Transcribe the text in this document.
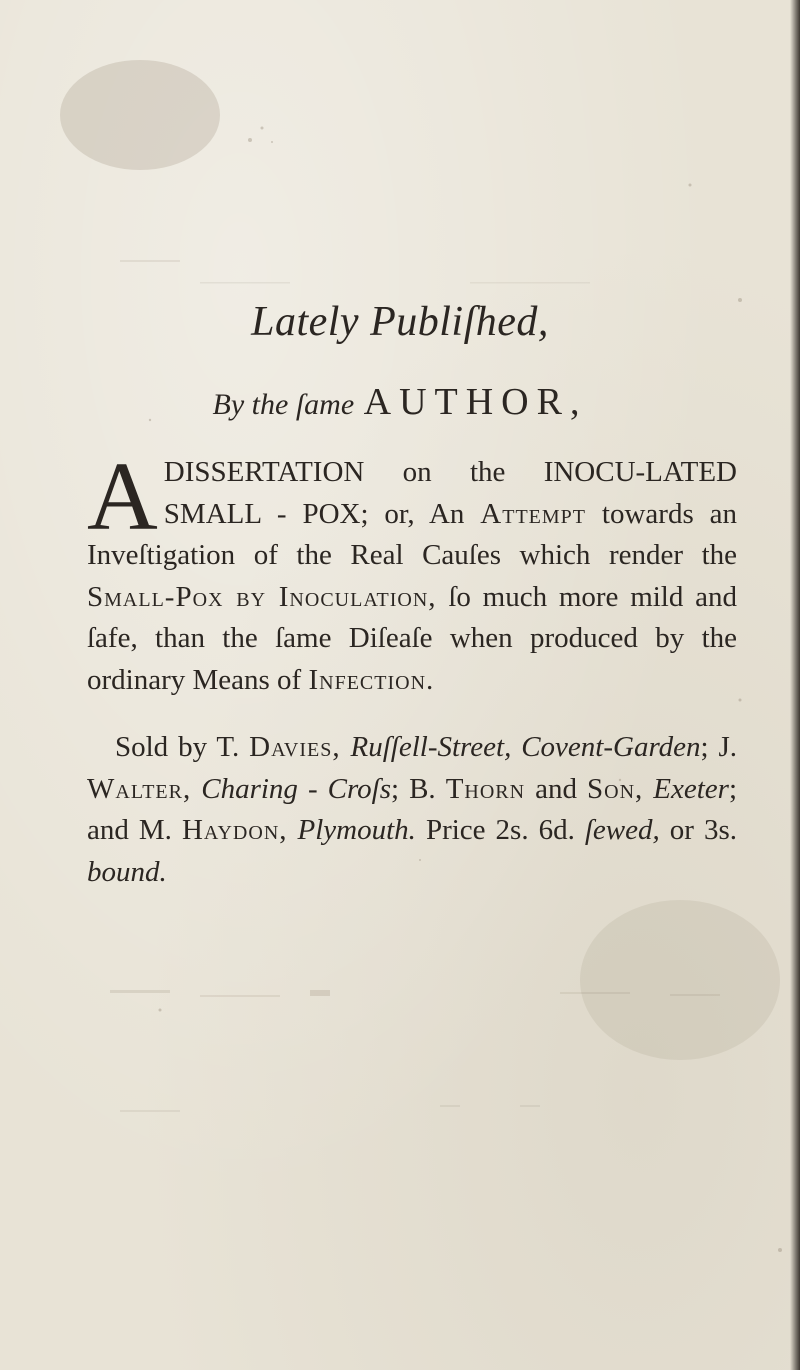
Lately Publiſhed,
By the ſame AUTHOR,

A DISSERTATION on the INOCU-LATED SMALL - POX; or, An Attempt towards an Inveſtigation of the Real Cauſes which render the Small-Pox by Inoculation, ſo much more mild and ſafe, than the ſame Diſeaſe when produced by the ordinary Means of Infection.

Sold by T. Davies, Ruſſell-Street, Covent-Garden; J. Walter, Charing - Croſs; B. Thorn and Son, Exeter; and M. Haydon, Plymouth. Price 2s. 6d. ſewed, or 3s. bound.
